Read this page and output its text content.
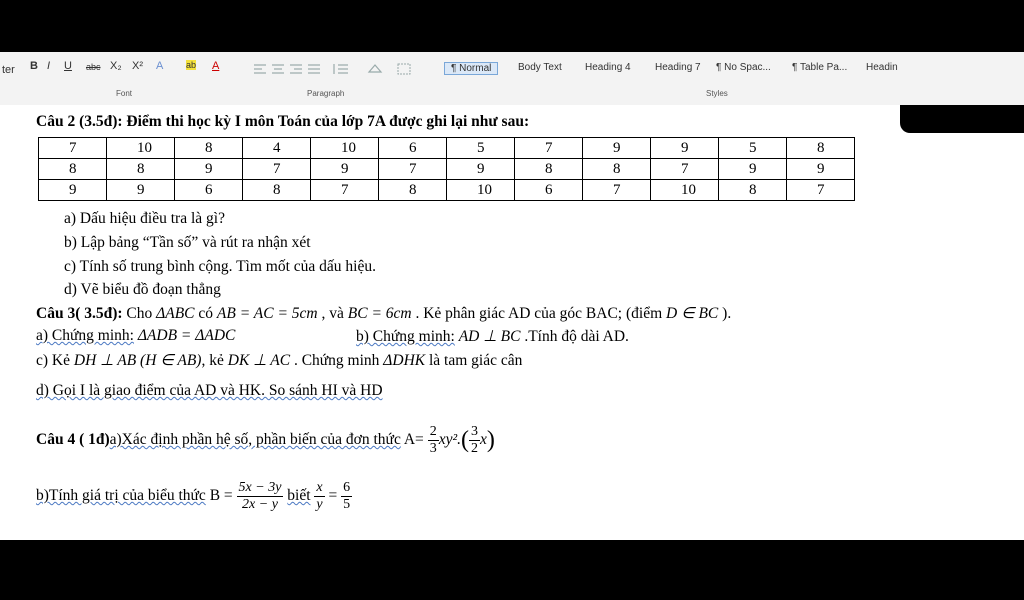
ter B I U abc X₂ X² A	ab A	¶ Normal	Body Text Heading 4 Heading 7 ¶ No Spac... ¶ Table Pa... Headin
Font	Paragraph	Styles
Câu 2 (3.5đ): Điểm thi học kỳ I môn Toán của lớp 7A được ghi lại như sau:
7	10	8	4	10	6	5	7	9	9	5	8
8	8	9	7	9	7	9	8	8	7	9	9
9	9	6	8	7	8	10	6	7	10	8	7
a) Dấu hiệu điều tra là gì?
b) Lập bảng “Tần số” và rút ra nhận xét
c) Tính số trung bình cộng. Tìm mốt của dấu hiệu.
d) Vẽ biểu đồ đoạn thẳng
Câu 3( 3.5đ): Cho ΔABC có AB = AC = 5cm , và BC = 6cm . Kẻ phân giác AD của góc BAC; (điểm D ∈ BC ).
a) Chứng minh: ΔADB = ΔADC	b) Chứng minh: AD ⊥ BC .Tính độ dài AD.
c) Kẻ DH ⊥ AB (H ∈ AB), kẻ DK ⊥ AC . Chứng minh ΔDHK là tam giác cân
d) Gọi I là giao điểm của AD và HK. So sánh HI và HD
Câu 4 ( 1đ)a)Xác định phần hệ số, phần biến của đơn thức $A= \frac{2}{3} xy^2.( \frac{3}{2} x)$
b)Tính giá trị của biểu thức $B = \frac{5x - 3y}{2x - y}$ biết $\frac{x}{y} = \frac{6}{5}$
